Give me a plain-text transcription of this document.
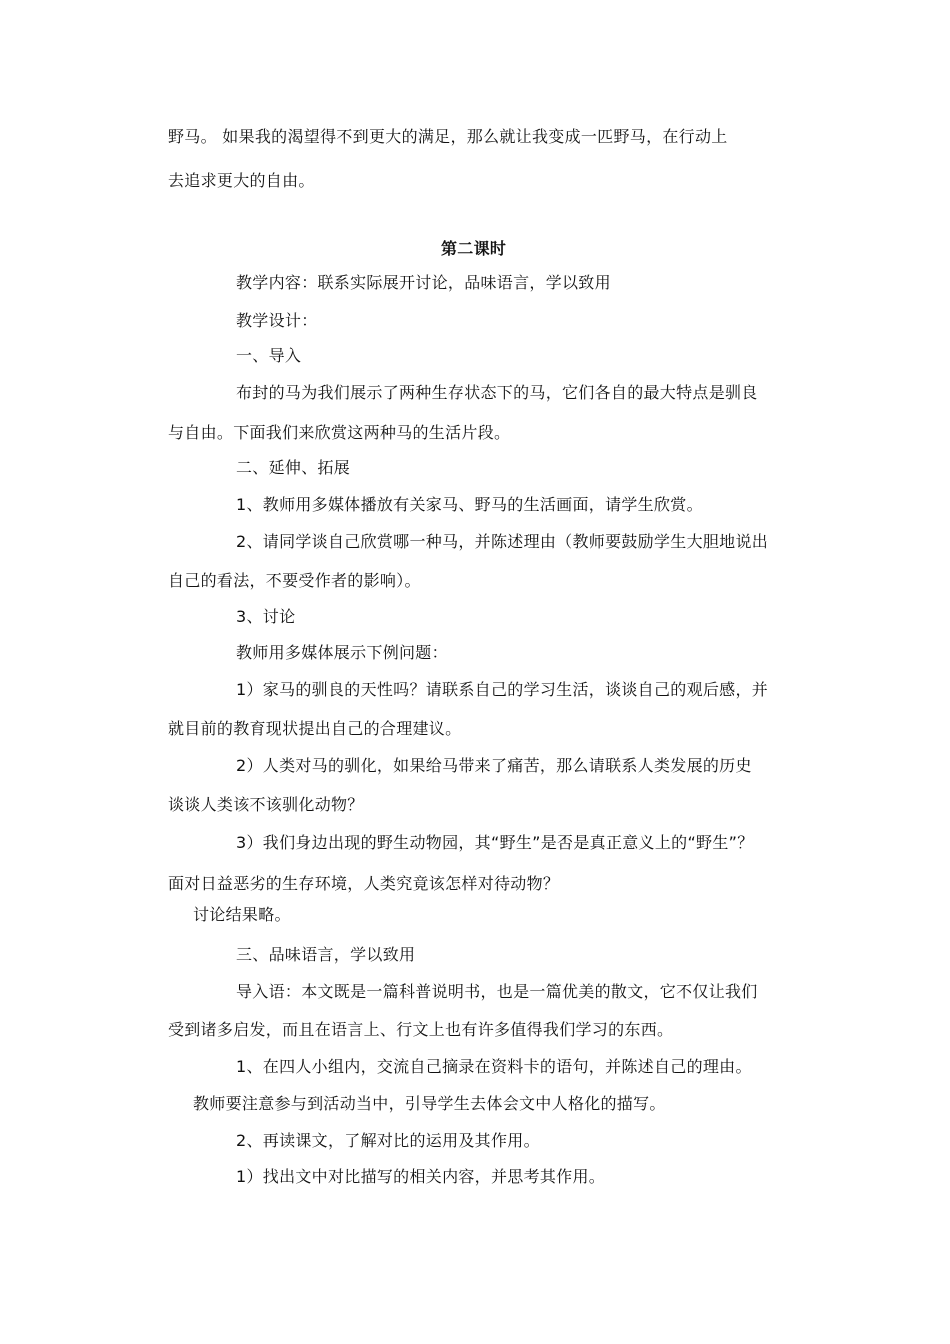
野马。 如果我的渴望得不到更大的满足，那么就让我变成一匹野马，在行动上
去追求更大的自由。
第二课时
教学内容：联系实际展开讨论，品味语言，学以致用
教学设计：
一、导入
布封的马为我们展示了两种生存状态下的马，它们各自的最大特点是驯良
与自由。下面我们来欣赏这两种马的生活片段。
二、延伸、拓展
1、教师用多媒体播放有关家马、野马的生活画面，请学生欣赏。
2、请同学谈自己欣赏哪一种马，并陈述理由（教师要鼓励学生大胆地说出
自己的看法，不要受作者的影响）。
3、讨论
教师用多媒体展示下例问题：
1）家马的驯良的天性吗？请联系自己的学习生活，谈谈自己的观后感，并
就目前的教育现状提出自己的合理建议。
2）人类对马的驯化，如果给马带来了痛苦，那么请联系人类发展的历史
谈谈人类该不该驯化动物？
3）我们身边出现的野生动物园，其“野生”是否是真正意义上的“野生”？
面对日益恶劣的生存环境，人类究竟该怎样对待动物？
讨论结果略。
三、品味语言，学以致用
导入语：本文既是一篇科普说明书，也是一篇优美的散文，它不仅让我们
受到诸多启发，而且在语言上、行文上也有许多值得我们学习的东西。
1、在四人小组内，交流自己摘录在资料卡的语句，并陈述自己的理由。
教师要注意参与到活动当中，引导学生去体会文中人格化的描写。
2、再读课文，了解对比的运用及其作用。
1）找出文中对比描写的相关内容，并思考其作用。
